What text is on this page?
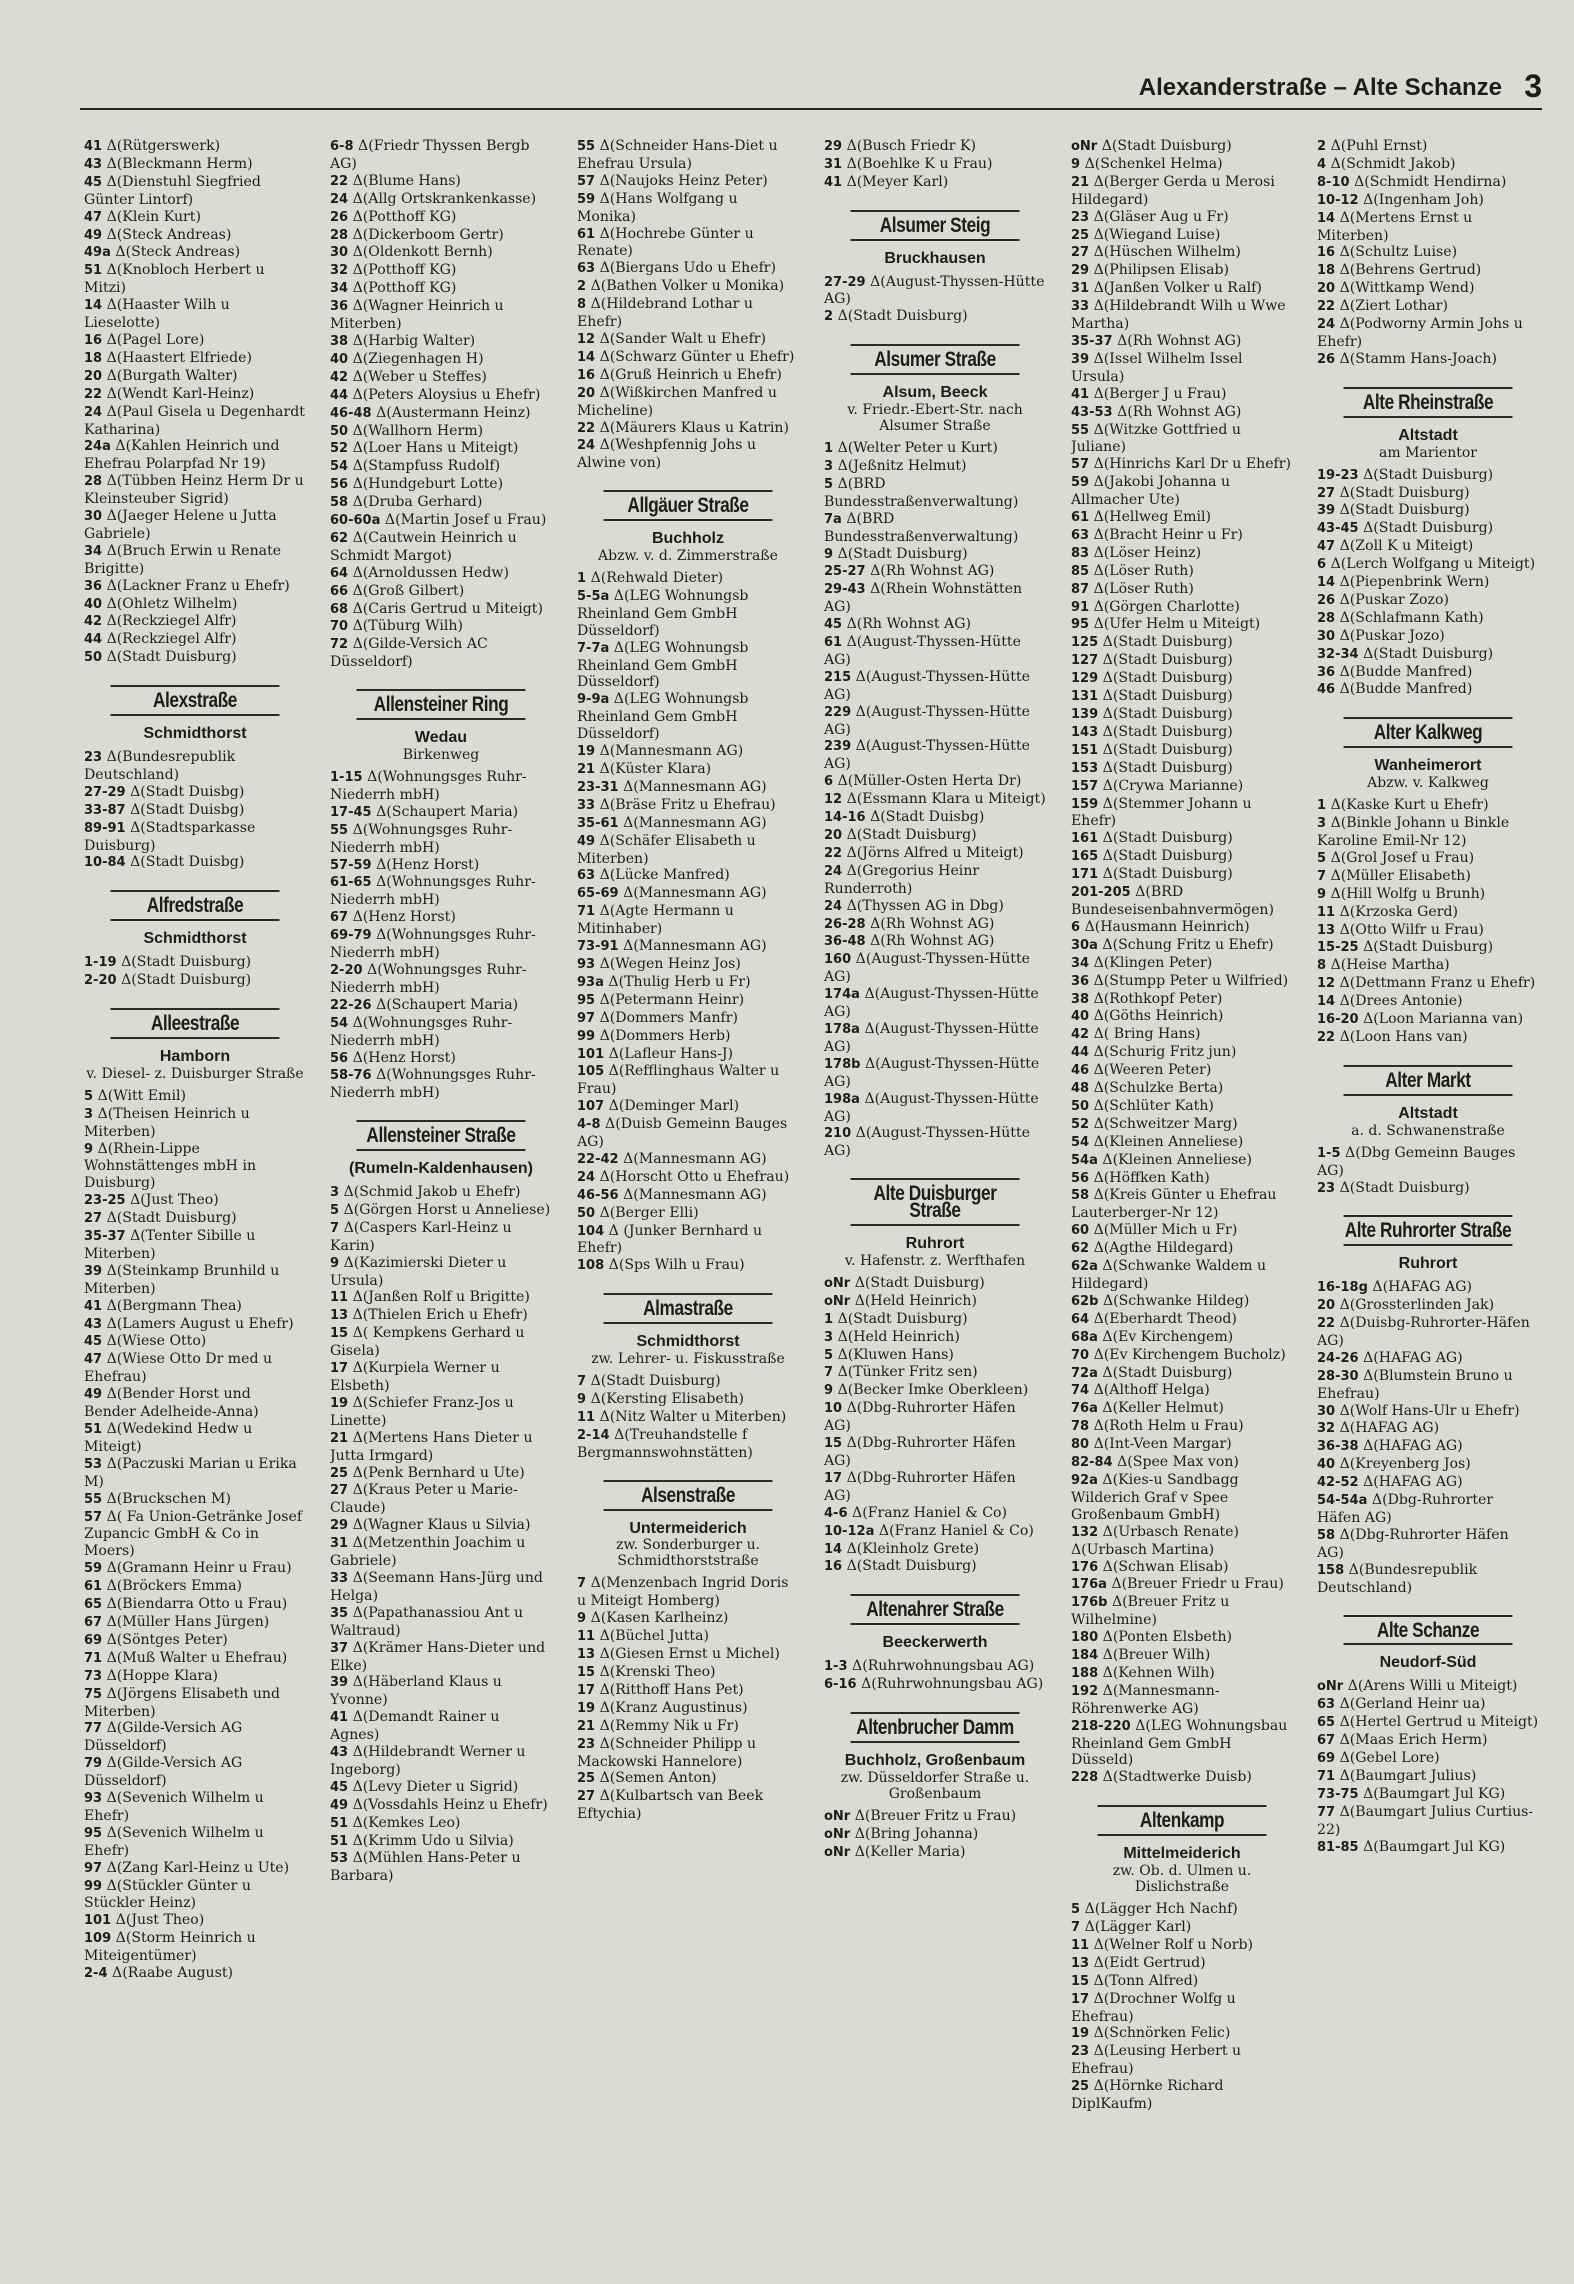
Alexanderstraße – Alte Schanze 3
41 Δ(Rütgerswerk)
43 Δ(Bleckmann Herm)
45 Δ(Dienstuhl Siegfried Günter Lintorf)
47 Δ(Klein Kurt)
49 Δ(Steck Andreas)
49a Δ(Steck Andreas)
51 Δ(Knobloch Herbert u Mitzi)
14 Δ(Haaster Wilh u Lieselotte)
16 Δ(Pagel Lore)
18 Δ(Haastert Elfriede)
20 Δ(Burgath Walter)
22 Δ(Wendt Karl-Heinz)
24 Δ(Paul Gisela u Degenhardt Katharina)
24a Δ(Kahlen Heinrich und Ehefrau Polarpfad Nr 19)
28 Δ(Tübben Heinz Herm Dr u Kleinsteuber Sigrid)
30 Δ(Jaeger Helene u Jutta Gabriele)
34 Δ(Bruch Erwin u Renate Brigitte)
36 Δ(Lackner Franz u Ehefr)
40 Δ(Ohletz Wilhelm)
42 Δ(Reckziegel Alfr)
44 Δ(Reckziegel Alfr)
50 Δ(Stadt Duisburg)
Alexstraße
Schmidthorst
23 Δ(Bundesrepublik Deutschland)
27-29 Δ(Stadt Duisbg)
33-87 Δ(Stadt Duisbg)
89-91 Δ(Stadtsparkasse Duisburg)
10-84 Δ(Stadt Duisbg)
Alfredstraße
Schmidthorst
1-19 Δ(Stadt Duisburg)
2-20 Δ(Stadt Duisburg)
Alleestraße
Hamborn
v. Diesel- z. Duisburger Straße
5 Δ(Witt Emil)
3 Δ(Theisen Heinrich u Miterben)
9 Δ(Rhein-Lippe Wohnstättenges mbH in Duisburg)
23-25 Δ(Just Theo)
27 Δ(Stadt Duisburg)
35-37 Δ(Tenter Sibille u Miterben)
39 Δ(Steinkamp Brunhild u Miterben)
41 Δ(Bergmann Thea)
43 Δ(Lamers August u Ehefr)
45 Δ(Wiese Otto)
47 Δ(Wiese Otto Dr med u Ehefrau)
49 Δ(Bender Horst und Bender Adelheide-Anna)
51 Δ(Wedekind Hedw u Miteigt)
53 Δ(Paczuski Marian u Erika M)
55 Δ(Bruckschen M)
57 Δ( Fa Union-Getränke Josef Zupancic GmbH & Co in Moers)
59 Δ(Gramann Heinr u Frau)
61 Δ(Bröckers Emma)
65 Δ(Biendarra Otto u Frau)
67 Δ(Müller Hans Jürgen)
69 Δ(Söntges Peter)
71 Δ(Muß Walter u Ehefrau)
73 Δ(Hoppe Klara)
75 Δ(Jörgens Elisabeth und Miterben)
77 Δ(Gilde-Versich AG Düsseldorf)
79 Δ(Gilde-Versich AG Düsseldorf)
93 Δ(Sevenich Wilhelm u Ehefr)
95 Δ(Sevenich Wilhelm u Ehefr)
97 Δ(Zang Karl-Heinz u Ute)
99 Δ(Stückler Günter u Stückler Heinz)
101 Δ(Just Theo)
109 Δ(Storm Heinrich u Miteigentümer)
2-4 Δ(Raabe August)
6-8 Δ(Friedr Thyssen Bergb AG)
22 Δ(Blume Hans)
24 Δ(Allg Ortskrankenkasse)
26 Δ(Potthoff KG)
28 Δ(Dickerboom Gertr)
30 Δ(Oldenkott Bernh)
32 Δ(Potthoff KG)
34 Δ(Potthoff KG)
36 Δ(Wagner Heinrich u Miterben)
38 Δ(Harbig Walter)
40 Δ(Ziegenhagen H)
42 Δ(Weber u Steffes)
44 Δ(Peters Aloysius u Ehefr)
46-48 Δ(Austermann Heinz)
50 Δ(Wallhorn Herm)
52 Δ(Loer Hans u Miteigt)
54 Δ(Stampfuss Rudolf)
56 Δ(Hundgeburt Lotte)
58 Δ(Druba Gerhard)
60-60a Δ(Martin Josef u Frau)
62 Δ(Cautwein Heinrich u Schmidt Margot)
64 Δ(Arnoldussen Hedw)
66 Δ(Groß Gilbert)
68 Δ(Caris Gertrud u Miteigt)
70 Δ(Tüburg Wilh)
72 Δ(Gilde-Versich AC Düsseldorf)
Allensteiner Ring
Wedau
Birkenweg
1-15 Δ(Wohnungsges Ruhr-Niederrh mbH)
17-45 Δ(Schaupert Maria)
55 Δ(Wohnungsges Ruhr-Niederrh mbH)
57-59 Δ(Henz Horst)
61-65 Δ(Wohnungsges Ruhr-Niederrh mbH)
67 Δ(Henz Horst)
69-79 Δ(Wohnungsges Ruhr-Niederrh mbH)
2-20 Δ(Wohnungsges Ruhr-Niederrh mbH)
22-26 Δ(Schaupert Maria)
54 Δ(Wohnungsges Ruhr-Niederrh mbH)
56 Δ(Henz Horst)
58-76 Δ(Wohnungsges Ruhr-Niederrh mbH)
Allensteiner Straße
(Rumeln-Kaldenhausen)
3 Δ(Schmid Jakob u Ehefr)
5 Δ(Görgen Horst u Anneliese)
7 Δ(Caspers Karl-Heinz u Karin)
9 Δ(Kazimierski Dieter u Ursula)
11 Δ(Janßen Rolf u Brigitte)
13 Δ(Thielen Erich u Ehefr)
15 Δ( Kempkens Gerhard u Gisela)
17 Δ(Kurpiela Werner u Elsbeth)
19 Δ(Schiefer Franz-Jos u Linette)
21 Δ(Mertens Hans Dieter u Jutta Irmgard)
25 Δ(Penk Bernhard u Ute)
27 Δ(Kraus Peter u Marie-Claude)
29 Δ(Wagner Klaus u Silvia)
31 Δ(Metzenthin Joachim u Gabriele)
33 Δ(Seemann Hans-Jürg und Helga)
35 Δ(Papathanassiou Ant u Waltraud)
37 Δ(Krämer Hans-Dieter und Elke)
39 Δ(Häberland Klaus u Yvonne)
41 Δ(Demandt Rainer u Agnes)
43 Δ(Hildebrandt Werner u Ingeborg)
45 Δ(Levy Dieter u Sigrid)
49 Δ(Vossdahls Heinz u Ehefr)
51 Δ(Kemkes Leo)
51 Δ(Krimm Udo u Silvia)
53 Δ(Mühlen Hans-Peter u Barbara)
55 Δ(Schneider Hans-Diet u Ehefrau Ursula)
57 Δ(Naujoks Heinz Peter)
59 Δ(Hans Wolfgang u Monika)
61 Δ(Hochrebe Günter u Renate)
63 Δ(Biergans Udo u Ehefr)
2 Δ(Bathen Volker u Monika)
8 Δ(Hildebrand Lothar u Ehefr)
12 Δ(Sander Walt u Ehefr)
14 Δ(Schwarz Günter u Ehefr)
16 Δ(Gruß Heinrich u Ehefr)
20 Δ(Wißkirchen Manfred u Micheline)
22 Δ(Mäurers Klaus u Katrin)
24 Δ(Weshpfennig Johs u Alwine von)
Allgäuer Straße
Buchholz
Abzw. v. d. Zimmerstraße
1 Δ(Rehwald Dieter)
5-5a Δ(LEG Wohnungsb Rheinland Gem GmbH Düsseldorf)
7-7a Δ(LEG Wohnungsb Rheinland Gem GmbH Düsseldorf)
9-9a Δ(LEG Wohnungsb Rheinland Gem GmbH Düsseldorf)
19 Δ(Mannesmann AG)
21 Δ(Küster Klara)
23-31 Δ(Mannesmann AG)
33 Δ(Bräse Fritz u Ehefrau)
35-61 Δ(Mannesmann AG)
49 Δ(Schäfer Elisabeth u Miterben)
63 Δ(Lücke Manfred)
65-69 Δ(Mannesmann AG)
71 Δ(Agte Hermann u Mitinhaber)
73-91 Δ(Mannesmann AG)
93 Δ(Wegen Heinz Jos)
93a Δ(Thulig Herb u Fr)
95 Δ(Petermann Heinr)
97 Δ(Dommers Manfr)
99 Δ(Dommers Herb)
101 Δ(Lafleur Hans-J)
105 Δ(Refflinghaus Walter u Frau)
107 Δ(Deminger Marl)
4-8 Δ(Duisb Gemeinn Bauges AG)
22-42 Δ(Mannesmann AG)
24 Δ(Horscht Otto u Ehefrau)
46-56 Δ(Mannesmann AG)
50 Δ(Berger Elli)
104 Δ (Junker Bernhard u Ehefr)
108 Δ(Sps Wilh u Frau)
Almastraße
Schmidthorst
zw. Lehrer- u. Fiskusstraße
7 Δ(Stadt Duisburg)
9 Δ(Kersting Elisabeth)
11 Δ(Nitz Walter u Miterben)
2-14 Δ(Treuhandstelle f Bergmannswohnstätten)
Alsenstraße
Untermeiderich
zw. Sonderburger u. Schmidthorststraße
7 Δ(Menzenbach Ingrid Doris u Miteigt Homberg)
9 Δ(Kasen Karlheinz)
11 Δ(Büchel Jutta)
13 Δ(Giesen Ernst u Michel)
15 Δ(Krenski Theo)
17 Δ(Ritthoff Hans Pet)
19 Δ(Kranz Augustinus)
21 Δ(Remmy Nik u Fr)
23 Δ(Schneider Philipp u Mackowski Hannelore)
25 Δ(Semen Anton)
27 Δ(Kulbartsch van Beek Eftychia)
29 Δ(Busch Friedr K)
31 Δ(Boehlke K u Frau)
41 Δ(Meyer Karl)
Alsumer Steig
Bruckhausen
27-29 Δ(August-Thyssen-Hütte AG)
2 Δ(Stadt Duisburg)
Alsumer Straße
Alsum, Beeck
v. Friedr.-Ebert-Str. nach Alsumer Straße
1 Δ(Welter Peter u Kurt)
3 Δ(Jeßnitz Helmut)
5 Δ(BRD Bundesstraßenverwaltung)
7a Δ(BRD Bundesstraßenverwaltung)
9 Δ(Stadt Duisburg)
25-27 Δ(Rh Wohnst AG)
29-43 Δ(Rhein Wohnstätten AG)
45 Δ(Rh Wohnst AG)
61 Δ(August-Thyssen-Hütte AG)
215 Δ(August-Thyssen-Hütte AG)
229 Δ(August-Thyssen-Hütte AG)
239 Δ(August-Thyssen-Hütte AG)
6 Δ(Müller-Osten Herta Dr)
12 Δ(Essmann Klara u Miteigt)
14-16 Δ(Stadt Duisbg)
20 Δ(Stadt Duisburg)
22 Δ(Jörns Alfred u Miteigt)
24 Δ(Gregorius Heinr Runderroth)
24 Δ(Thyssen AG in Dbg)
26-28 Δ(Rh Wohnst AG)
36-48 Δ(Rh Wohnst AG)
160 Δ(August-Thyssen-Hütte AG)
174a Δ(August-Thyssen-Hütte AG)
178a Δ(August-Thyssen-Hütte AG)
178b Δ(August-Thyssen-Hütte AG)
198a Δ(August-Thyssen-Hütte AG)
210 Δ(August-Thyssen-Hütte AG)
Alte Duisburger Straße
Ruhrort
v. Hafenstr. z. Werfthafen
oNr Δ(Stadt Duisburg)
oNr Δ(Held Heinrich)
1 Δ(Stadt Duisburg)
3 Δ(Held Heinrich)
5 Δ(Kluwen Hans)
7 Δ(Tünker Fritz sen)
9 Δ(Becker Imke Oberkleen)
10 Δ(Dbg-Ruhrorter Häfen AG)
15 Δ(Dbg-Ruhrorter Häfen AG)
17 Δ(Dbg-Ruhrorter Häfen AG)
4-6 Δ(Franz Haniel & Co)
10-12a Δ(Franz Haniel & Co)
14 Δ(Kleinholz Grete)
16 Δ(Stadt Duisburg)
Altenahrer Straße
Beeckerwerth
1-3 Δ(Ruhrwohnungsbau AG)
6-16 Δ(Ruhrwohnungsbau AG)
Altenbrucher Damm
Buchholz, Großenbaum
zw. Düsseldorfer Straße u. Großenbaum
oNr Δ(Breuer Fritz u Frau)
oNr Δ(Bring Johanna)
oNr Δ(Keller Maria)
oNr Δ(Stadt Duisburg)
9 Δ(Schenkel Helma)
21 Δ(Berger Gerda u Merosi Hildegard)
23 Δ(Gläser Aug u Fr)
25 Δ(Wiegand Luise)
27 Δ(Hüschen Wilhelm)
29 Δ(Philipsen Elisab)
31 Δ(Janßen Volker u Ralf)
33 Δ(Hildebrandt Wilh u Wwe Martha)
35-37 Δ(Rh Wohnst AG)
39 Δ(Issel Wilhelm Issel Ursula)
41 Δ(Berger J u Frau)
43-53 Δ(Rh Wohnst AG)
55 Δ(Witzke Gottfried u Juliane)
57 Δ(Hinrichs Karl Dr u Ehefr)
59 Δ(Jakobi Johanna u Allmacher Ute)
61 Δ(Hellweg Emil)
63 Δ(Bracht Heinr u Fr)
83 Δ(Löser Heinz)
85 Δ(Löser Ruth)
87 Δ(Löser Ruth)
91 Δ(Görgen Charlotte)
95 Δ(Ufer Helm u Miteigt)
125 Δ(Stadt Duisburg)
127 Δ(Stadt Duisburg)
129 Δ(Stadt Duisburg)
131 Δ(Stadt Duisburg)
139 Δ(Stadt Duisburg)
143 Δ(Stadt Duisburg)
151 Δ(Stadt Duisburg)
153 Δ(Stadt Duisburg)
157 Δ(Crywa Marianne)
159 Δ(Stemmer Johann u Ehefr)
161 Δ(Stadt Duisburg)
165 Δ(Stadt Duisburg)
171 Δ(Stadt Duisburg)
201-205 Δ(BRD Bundeseisenbahnvermögen)
6 Δ(Hausmann Heinrich)
30a Δ(Schung Fritz u Ehefr)
34 Δ(Klingen Peter)
36 Δ(Stumpp Peter u Wilfried)
38 Δ(Rothkopf Peter)
40 Δ(Göths Heinrich)
42 Δ( Bring Hans)
44 Δ(Schurig Fritz jun)
46 Δ(Weeren Peter)
48 Δ(Schulzke Berta)
50 Δ(Schlüter Kath)
52 Δ(Schweitzer Marg)
54 Δ(Kleinen Anneliese)
54a Δ(Kleinen Anneliese)
56 Δ(Höffken Kath)
58 Δ(Kreis Günter u Ehefrau Lauterberger-Nr 12)
60 Δ(Müller Mich u Fr)
62 Δ(Agthe Hildegard)
62a Δ(Schwanke Waldem u Hildegard)
62b Δ(Schwanke Hildeg)
64 Δ(Eberhardt Theod)
68a Δ(Ev Kirchengem)
70 Δ(Ev Kirchengem Bucholz)
72a Δ(Stadt Duisburg)
74 Δ(Althoff Helga)
76a Δ(Keller Helmut)
78 Δ(Roth Helm u Frau)
80 Δ(Int-Veen Margar)
82-84 Δ(Spee Max von)
92a Δ(Kies-u Sandbagg Wilderich Graf v Spee Großenbaum GmbH)
132 Δ(Urbasch Renate)
Δ(Urbasch Martina)
176 Δ(Schwan Elisab)
176a Δ(Breuer Friedr u Frau)
176b Δ(Breuer Fritz u Wilhelmine)
180 Δ(Ponten Elsbeth)
184 Δ(Breuer Wilh)
188 Δ(Kehnen Wilh)
192 Δ(Mannesmann-Röhrenwerke AG)
218-220 Δ(LEG Wohnungsbau Rheinland Gem GmbH Düsseld)
228 Δ(Stadtwerke Duisb)
Altenkamp
Mittelmeiderich
zw. Ob. d. Ulmen u. Dislichstraße
5 Δ(Lägger Hch Nachf)
7 Δ(Lägger Karl)
11 Δ(Welner Rolf u Norb)
13 Δ(Eidt Gertrud)
15 Δ(Tonn Alfred)
17 Δ(Drochner Wolfg u Ehefrau)
19 Δ(Schnörken Felic)
23 Δ(Leusing Herbert u Ehefrau)
25 Δ(Hörnke Richard DiplKaufm)
2 Δ(Puhl Ernst)
4 Δ(Schmidt Jakob)
8-10 Δ(Schmidt Hendirna)
10-12 Δ(Ingenham Joh)
14 Δ(Mertens Ernst u Miterben)
16 Δ(Schultz Luise)
18 Δ(Behrens Gertrud)
20 Δ(Wittkamp Wend)
22 Δ(Ziert Lothar)
24 Δ(Podworny Armin Johs u Ehefr)
26 Δ(Stamm Hans-Joach)
Alte Rheinstraße
Altstadt
am Marientor
19-23 Δ(Stadt Duisburg)
27 Δ(Stadt Duisburg)
39 Δ(Stadt Duisburg)
43-45 Δ(Stadt Duisburg)
47 Δ(Zoll K u Miteigt)
6 Δ(Lerch Wolfgang u Miteigt)
14 Δ(Piepenbrink Wern)
26 Δ(Puskar Zozo)
28 Δ(Schlafmann Kath)
30 Δ(Puskar Jozo)
32-34 Δ(Stadt Duisburg)
36 Δ(Budde Manfred)
46 Δ(Budde Manfred)
Alter Kalkweg
Wanheimerort
Abzw. v. Kalkweg
1 Δ(Kaske Kurt u Ehefr)
3 Δ(Binkle Johann u Binkle Karoline Emil-Nr 12)
5 Δ(Grol Josef u Frau)
7 Δ(Müller Elisabeth)
9 Δ(Hill Wolfg u Brunh)
11 Δ(Krzoska Gerd)
13 Δ(Otto Wilfr u Frau)
15-25 Δ(Stadt Duisburg)
8 Δ(Heise Martha)
12 Δ(Dettmann Franz u Ehefr)
14 Δ(Drees Antonie)
16-20 Δ(Loon Marianna van)
22 Δ(Loon Hans van)
Alter Markt
Altstadt
a. d. Schwanenstraße
1-5 Δ(Dbg Gemeinn Bauges AG)
23 Δ(Stadt Duisburg)
Alte Ruhrorter Straße
Ruhrort
16-18g Δ(HAFAG AG)
20 Δ(Grossterlinden Jak)
22 Δ(Duisbg-Ruhrorter-Häfen AG)
24-26 Δ(HAFAG AG)
28-30 Δ(Blumstein Bruno u Ehefrau)
30 Δ(Wolf Hans-Ulr u Ehefr)
32 Δ(HAFAG AG)
36-38 Δ(HAFAG AG)
40 Δ(Kreyenberg Jos)
42-52 Δ(HAFAG AG)
54-54a Δ(Dbg-Ruhrorter Häfen AG)
58 Δ(Dbg-Ruhrorter Häfen AG)
158 Δ(Bundesrepublik Deutschland)
Alte Schanze
Neudorf-Süd
oNr Δ(Arens Willi u Miteigt)
63 Δ(Gerland Heinr ua)
65 Δ(Hertel Gertrud u Miteigt)
67 Δ(Maas Erich Herm)
69 Δ(Gebel Lore)
71 Δ(Baumgart Julius)
73-75 Δ(Baumgart Jul KG)
77 Δ(Baumgart Julius Curtius-22)
81-85 Δ(Baumgart Jul KG)
